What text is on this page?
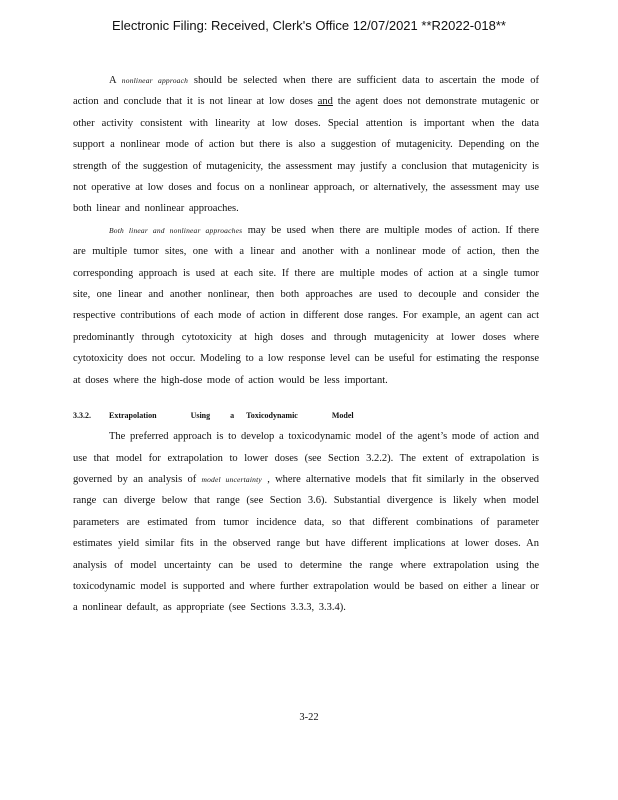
Electronic Filing: Received, Clerk's Office 12/07/2021 **R2022-018**

A nonlinear approach should be selected when there are sufficient data to ascertain the mode of action and conclude that it is not linear at low doses and the agent does not demonstrate mutagenic or other activity consistent with linearity at low doses. Special attention is important when the data support a nonlinear mode of action but there is also a suggestion of mutagenicity. Depending on the strength of the suggestion of mutagenicity, the assessment may justify a conclusion that mutagenicity is not operative at low doses and focus on a nonlinear approach, or alternatively, the assessment may use both linear and nonlinear approaches.

Both linear and nonlinear approaches may be used when there are multiple modes of action. If there are multiple tumor sites, one with a linear and another with a nonlinear mode of action, then the corresponding approach is used at each site. If there are multiple modes of action at a single tumor site, one linear and another nonlinear, then both approaches are used to decouple and consider the respective contributions of each mode of action in different dose ranges. For example, an agent can act predominantly through cytotoxicity at high doses and through mutagenicity at lower doses where cytotoxicity does not occur. Modeling to a low response level can be useful for estimating the response at doses where the high-dose mode of action would be less important.

3.3.2.	Extrapolation	Using	a Toxicodynamic	Model

The preferred approach is to develop a toxicodynamic model of the agent’s mode of action and use that model for extrapolation to lower doses (see Section 3.2.2). The extent of extrapolation is governed by an analysis of model uncertainty , where alternative models that fit similarly in the observed range can diverge below that range (see Section 3.6). Substantial divergence is likely when model parameters are estimated from tumor incidence data, so that different combinations of parameter estimates yield similar fits in the observed range but have different implications at lower doses. An analysis of model uncertainty can be used to determine the range where extrapolation using the toxicodynamic model is supported and where further extrapolation would be based on either a linear or a nonlinear default, as appropriate (see Sections 3.3.3, 3.3.4).

3-22
